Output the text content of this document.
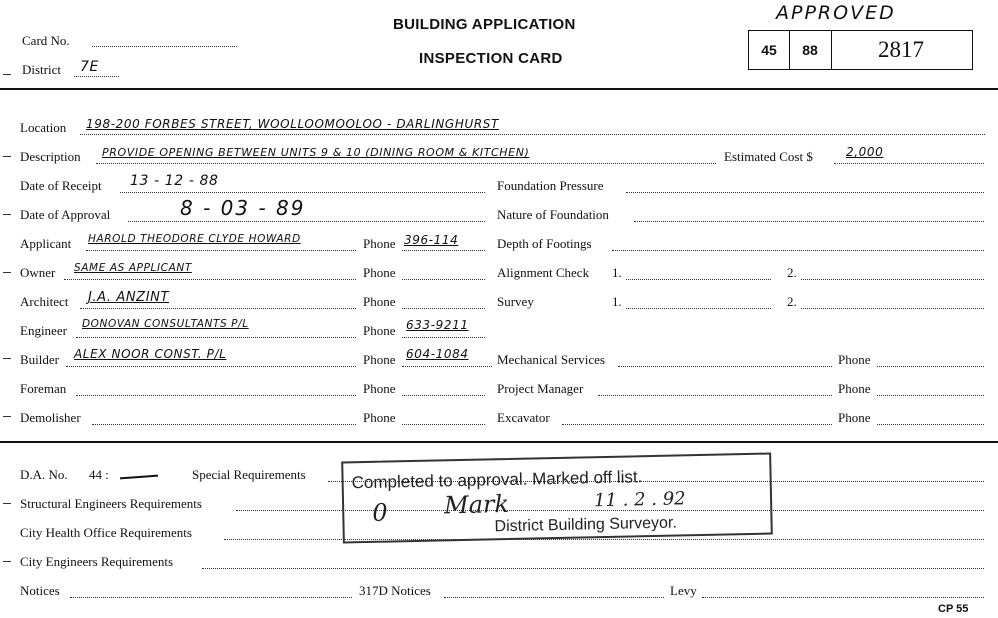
Card No.
District 7E
BUILDING APPLICATION
INSPECTION CARD
APPROVED
45	88	2817
Location 198-200 FORBES STREET, WOOLLOOMOOLOO - DARLINGHURST
Description PROVIDE OPENING BETWEEN UNITS 9 & 10 (DINING ROOM & KITCHEN)	Estimated Cost $	2,000
Date of Receipt 13 - 12 - 88	Foundation Pressure
Date of Approval	8 - 03 - 89	Nature of Foundation
Applicant HAROLD THEODORE CLYDE HOWARD	Phone 396-114	Depth of Footings
Owner SAME AS APPLICANT	Phone	Alignment Check 1.	2.
Architect J.A. ANZINT	Phone	Survey	1.	2.
Engineer DONOVAN CONSULTANTS P/L	Phone 633-9211
Builder ALEX NOOR CONST. P/L	Phone 604-1084 Mechanical Services	Phone
Foreman	Phone	Project Manager	Phone
Demolisher	Phone	Excavator	Phone
D.A. No. 44 :	Special Requirements
Structural Engineers Requirements
City Health Office Requirements
City Engineers Requirements
Notices	317D Notices	Levy
CP 55
Completed to approval. Marked off list.
0 Mark	11 . 2 . 92
District Building Surveyor.
